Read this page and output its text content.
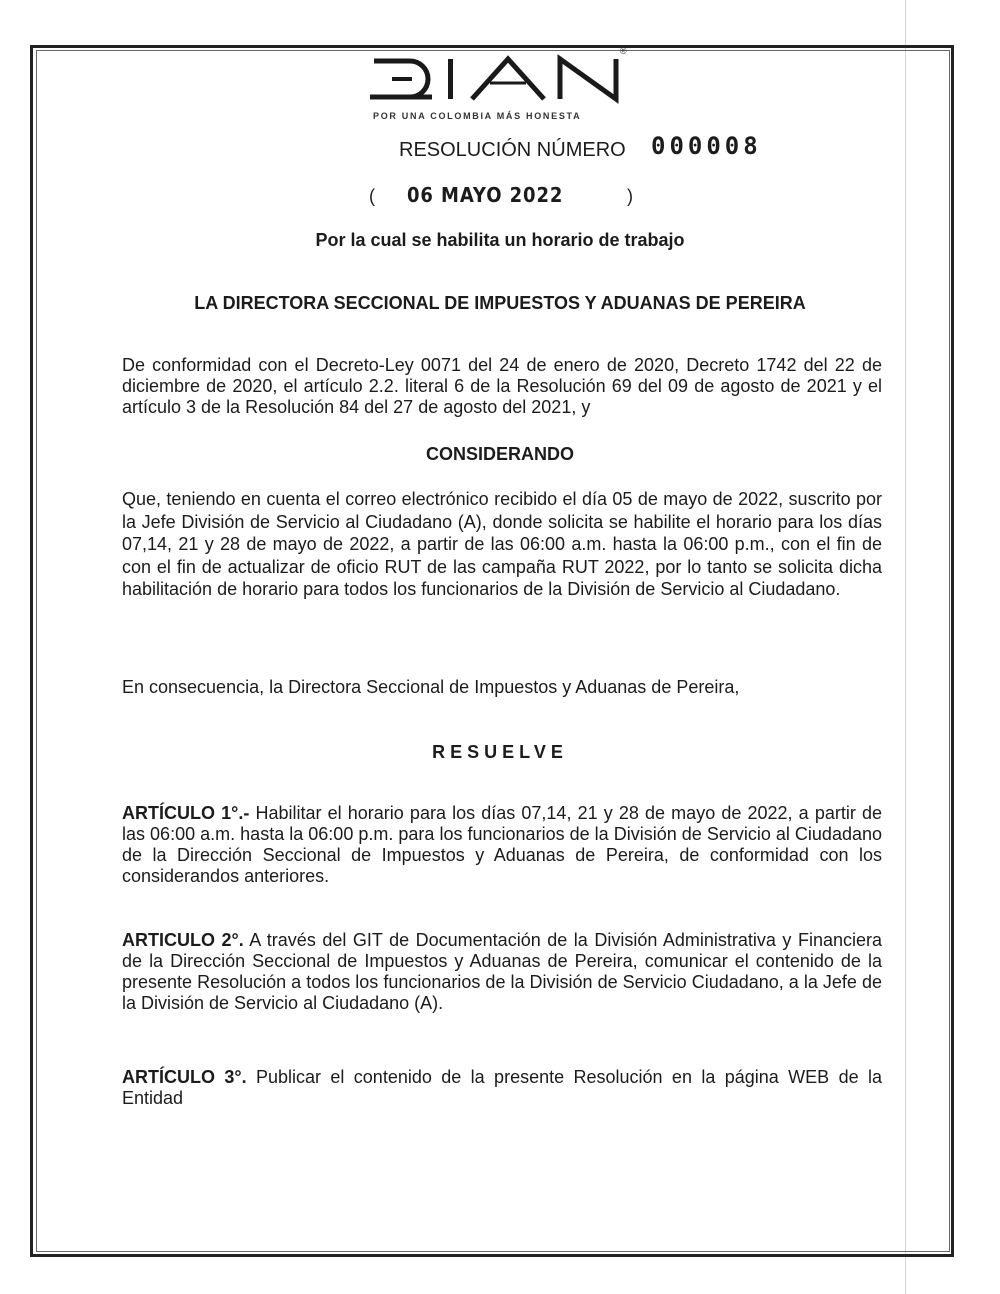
®
POR UNA COLOMBIA MÁS HONESTA
RESOLUCIÓN NÚMERO 000008
( 06 MAYO 2022	)
Por la cual se habilita un horario de trabajo
LA DIRECTORA SECCIONAL DE IMPUESTOS Y ADUANAS DE PEREIRA
De conformidad con el Decreto-Ley 0071 del 24 de enero de 2020, Decreto 1742 del 22 de diciembre de 2020, el artículo 2.2. literal 6 de la Resolución 69 del 09 de agosto de 2021 y el artículo 3 de la Resolución 84 del 27 de agosto del 2021, y
CONSIDERANDO
Que, teniendo en cuenta el correo electrónico recibido el día 05 de mayo de 2022, suscrito por la Jefe División de Servicio al Ciudadano (A), donde solicita se habilite el horario para los días 07,14, 21 y 28 de mayo de 2022, a partir de las 06:00 a.m. hasta la 06:00 p.m., con el fin de con el fin de actualizar de oficio RUT de las campaña RUT 2022, por lo tanto se solicita dicha habilitación de horario para todos los funcionarios de la División de Servicio al Ciudadano.
En consecuencia, la Directora Seccional de Impuestos y Aduanas de Pereira,
RESUELVE
ARTÍCULO 1°.- Habilitar el horario para los días 07,14, 21 y 28 de mayo de 2022, a partir de las 06:00 a.m. hasta la 06:00 p.m. para los funcionarios de la División de Servicio al Ciudadano de la Dirección Seccional de Impuestos y Aduanas de Pereira, de conformidad con los considerandos anteriores.
ARTICULO 2°. A través del GIT de Documentación de la División Administrativa y Financiera de la Dirección Seccional de Impuestos y Aduanas de Pereira, comunicar el contenido de la presente Resolución a todos los funcionarios de la División de Servicio Ciudadano, a la Jefe de la División de Servicio al Ciudadano (A).
ARTÍCULO 3°. Publicar el contenido de la presente Resolución en la página WEB de la Entidad
